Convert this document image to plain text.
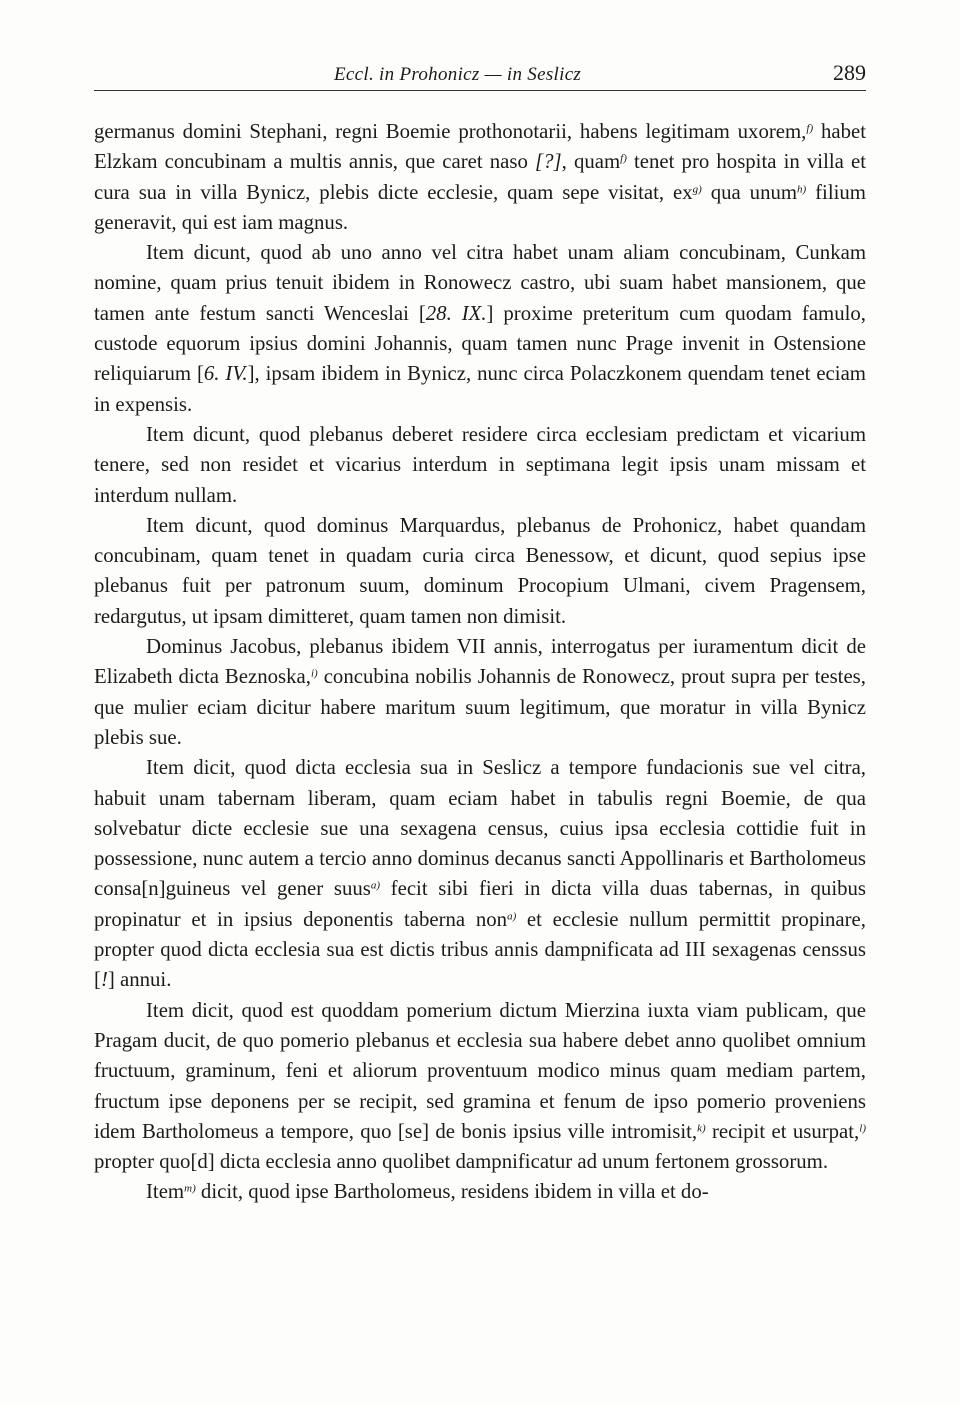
Eccl. in Prohonicz — in Seslicz	289

germanus domini Stephani, regni Boemie prothonotarii, habens legitimam uxorem,$^{f)}$ habet Elzkam concubinam a multis annis, que caret naso [?], quam$^{f)}$ tenet pro hospita in villa et cura sua in villa Bynicz, plebis dicte ecclesie, quam sepe visitat, $ex^{g)}$ qua unum$^{h)}$ filium generavit, qui est iam magnus.

Item dicunt, quod ab uno anno vel citra habet unam aliam concubinam, Cunkam nomine, quam prius tenuit ibidem in Ronowecz castro, ubi suam habet mansionem, que tamen ante festum sancti Wenceslai [28. IX.] proxime preteritum cum quodam famulo, custode equorum ipsius domini Johannis, quam tamen nunc Prage invenit in Ostensione reliquiarum [6. IV.], ipsam ibidem in Bynicz, nunc circa Polaczkonem quendam tenet eciam in expensis.

Item dicunt, quod plebanus deberet residere circa ecclesiam predictam et vicarium tenere, sed non residet et vicarius interdum in septimana legit ipsis unam missam et interdum nullam.

Item dicunt, quod dominus Marquardus, plebanus de Prohonicz, habet quandam concubinam, quam tenet in quadam curia circa Benessow, et dicunt, quod sepius ipse plebanus fuit per patronum suum, dominum Procopium Ulmani, civem Pragensem, redargutus, ut ipsam dimitteret, quam tamen non dimisit.

Dominus Jacobus, plebanus ibidem VII annis, interrogatus per iuramentum dicit de Elizabeth dicta Beznoska,$^{i)}$ concubina nobilis Johannis de Ronowecz, prout supra per testes, que mulier eciam dicitur habere maritum suum legitimum, que moratur in villa Bynicz plebis sue.

Item dicit, quod dicta ecclesia sua in Seslicz a tempore fundacionis sue vel citra, habuit unam tabernam liberam, quam eciam habet in tabulis regni Boemie, de qua solvebatur dicte ecclesie sue una sexagena census, cuius ipsa ecclesia cottidie fuit in possessione, nunc autem a tercio anno dominus decanus sancti Appollinaris et Bartholomeus consa[n]guineus vel gener suus$^{a)}$ fecit sibi fieri in dicta villa duas tabernas, in quibus propinatur et in ipsius deponentis taberna non$^{a)}$ et ecclesie nullum permittit propinare, propter quod dicta ecclesia sua est dictis tribus annis dampnificata ad III sexagenas censsus [!] annui.

Item dicit, quod est quoddam pomerium dictum Mierzina iuxta viam publicam, que Pragam ducit, de quo pomerio plebanus et ecclesia sua habere debet anno quolibet omnium fructuum, graminum, feni et aliorum proventuum modico minus quam mediam partem, fructum ipse deponens per se recipit, sed gramina et fenum de ipso pomerio proveniens idem Bartholomeus a tempore, quo [se] de bonis ipsius ville intromisit,$^{k)}$ recipit et usurpat,$^{l)}$ propter quo[d] dicta ecclesia anno quolibet dampnificatur ad unum fertonem grossorum.

Item$^{m)}$ dicit, quod ipse Bartholomeus, residens ibidem in villa et do-
